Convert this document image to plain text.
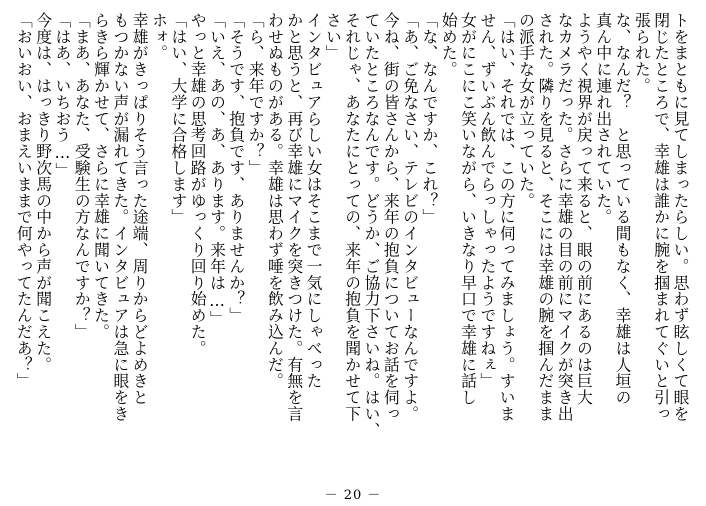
トをまともに見てしまったらしい。思わず眩しくて眼を

閉じたところで、幸雄は誰かに腕を掴まれてぐいと引っ

張られた。

な、なんだ？　と思っている間もなく、幸雄は人垣の

真ん中に連れ出されていた。

ようやく視界が戻って来ると、眼の前にあるのは巨大

なカメラだった。さらに幸雄の目の前にマイクが突き出

された。隣りを見ると、そこには幸雄の腕を掴んだまま

の派手な女が立っていた。

「はい、それでは、この方に伺ってみましょう。すいま

せん、ずいぶん飲んでらっしゃったようですねぇ」

女がにこにこ笑いながら、いきなり早口で幸雄に話し

始めた。

「な、なんですか、これ？」

「あ、ご免なさい、テレビのインタビューなんですよ。

今ね、街の皆さんから、来年の抱負についてお話を伺っ

ていたところなんです。どうか、ご協力下さいね。はい、

それじゃ、あなたにとっての、来年の抱負を聞かせて下

さい」

インタビュアらしい女はそこまで一気にしゃべった

かと思うと、再び幸雄にマイクを突きつけた。有無を言

わせぬものがある。幸雄は思わず唾を飲み込んだ。

「ら、来年ですか？」

「そうです、抱負です、ありませんか？」

「いえ、あの、あ、あります。来年は…」

やっと幸雄の思考回路がゆっくり回り始めた。

「はい、大学に合格します」

ホォ。

幸雄がきっぱりそう言った途端、周りからどよめきと

もつかない声が漏れてきた。インタビュアは急に眼をき

らきら輝かせて、さらに幸雄に聞いてきた。

「まあ、あなた、受験生の方なんですか？」

「はあ、いちおう…」

今度は、はっきり野次馬の中から声が聞こえた。

「おいおい、おまえいままで何やってたんだあ？」

－ 20 －
